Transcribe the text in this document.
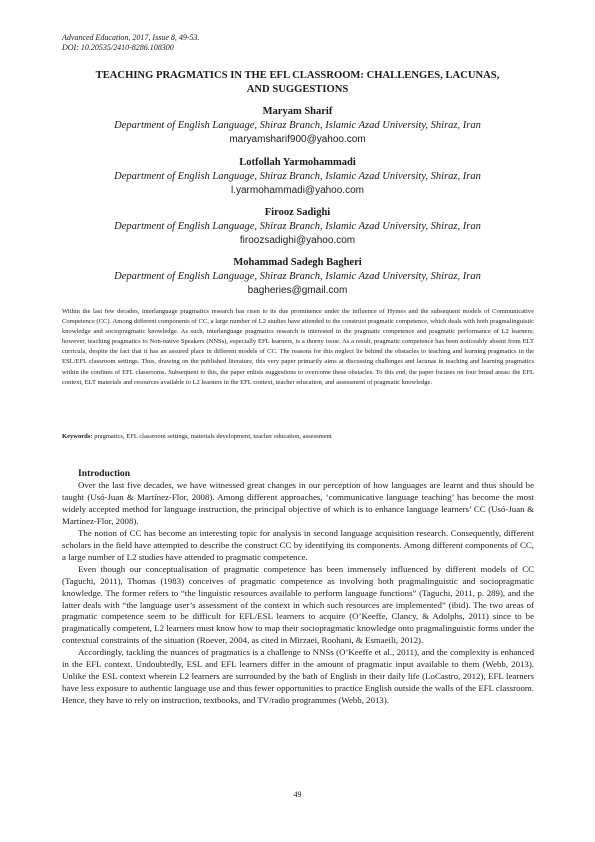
Advanced Education, 2017, Issue 8, 49-53.
DOI: 10.20535/2410-8286.108300
TEACHING PRAGMATICS IN THE EFL CLASSROOM: CHALLENGES, LACUNAS,
AND SUGGESTIONS
Maryam Sharif
Department of English Language, Shiraz Branch, Islamic Azad University, Shiraz, Iran
maryamsharif900@yahoo.com
Lotfollah Yarmohammadi
Department of English Language, Shiraz Branch, Islamic Azad University, Shiraz, Iran
l.yarmohammadi@yahoo.com
Firooz Sadighi
Department of English Language, Shiraz Branch, Islamic Azad University, Shiraz, Iran
firoozsadighi@yahoo.com
Mohammad Sadegh Bagheri
Department of English Language, Shiraz Branch, Islamic Azad University, Shiraz, Iran
bagheries@gmail.com
Within the last few decades, interlanguage pragmatics research has risen to its due prominence under the influence of Hymes and the subsequent models of Communicative Competence (CC). Among different components of CC, a large number of L2 studies have attended to the construct pragmatic competence, which deals with both pragmalinguistic knowledge and sociopragmatic knowledge. As such, interlanguage pragmatics research is interested in the pragmatic competence and pragmatic performance of L2 learners; however, teaching pragmatics to Non-native Speakers (NNSs), especially EFL learners, is a thorny issue. As a result, pragmatic competence has been noticeably absent from ELT curricula, despite the fact that it has an assured place in different models of CC. The reasons for this neglect lie behind the obstacles to teaching and learning pragmatics in the ESL/EFL classroom settings. Thus, drawing on the published literature, this very paper primarily aims at discussing challenges and lacunas in teaching and learning pragmatics within the confines of EFL classrooms. Subsequent to this, the paper enlists suggestions to overcome these obstacles. To this end, the paper focuses on four broad areas: the EFL context, ELT materials and resources available to L2 learners in the EFL context, teacher education, and assessment of pragmatic knowledge.
Keywords: pragmatics, EFL classroom settings, materials development, teacher education, assessment
Introduction

Over the last five decades, we have witnessed great changes in our perception of how languages are learnt and thus should be taught (Usó-Juan & Martínez-Flor, 2008). Among different approaches, ‘communicative language teaching’ has become the most widely accepted method for language instruction, the principal objective of which is to enhance language learners’ CC (Usó-Juan & Martínez-Flor, 2008).

The notion of CC has become an interesting topic for analysis in second language acquisition research. Consequently, different scholars in the field have attempted to describe the construct CC by identifying its components. Among different components of CC, a large number of L2 studies have attended to pragmatic competence.

Even though our conceptualisation of pragmatic competence has been immensely influenced by different models of CC (Taguchi, 2011), Thomas (1983) conceives of pragmatic competence as involving both pragmalinguistic and sociopragmatic knowledge. The former refers to “the linguistic resources available to perform language functions” (Taguchi, 2011, p. 289), and the latter deals with “the language user’s assessment of the context in which such resources are implemented” (ibid). The two areas of pragmatic competence seem to be difficult for EFL/ESL learners to acquire (O’Keeffe, Clancy, & Adolphs, 2011) since to be pragmatically competent, L2 learners must know how to map their sociopragmatic knowledge onto pragmalinguistic forms under the contextual constraints of the situation (Roever, 2004, as cited in Mirzaei, Roohani, & Esmaeili, 2012).

Accordingly, tackling the nuances of pragmatics is a challenge to NNSs (O’Keeffe et al., 2011), and the complexity is enhanced in the EFL context. Undoubtedly, ESL and EFL learners differ in the amount of pragmatic input available to them (Webb, 2013). Unlike the ESL context wherein L2 learners are surrounded by the bath of English in their daily life (LoCastro, 2012), EFL learners have less exposure to authentic language use and thus fewer opportunities to practice English outside the walls of the EFL classroom. Hence, they have to rely on instruction, textbooks, and TV/radio programmes (Webb, 2013).

49
